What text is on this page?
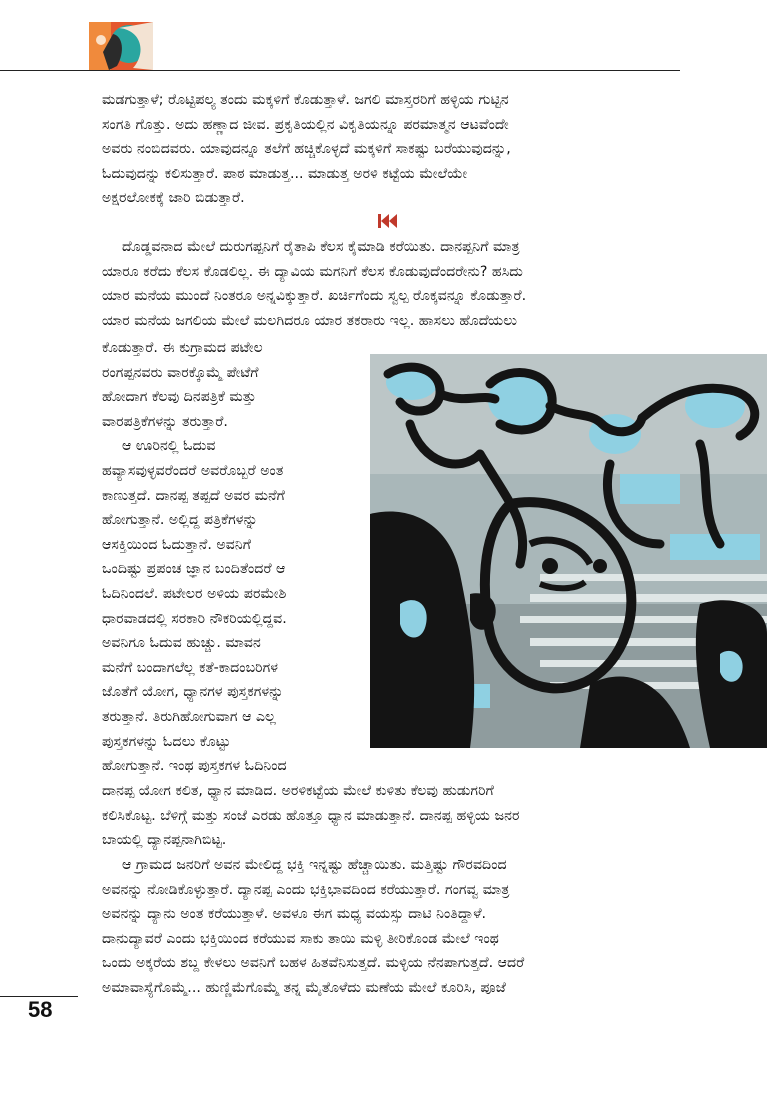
ಮಡಗುತ್ತಾಳೆ; ರೊಟ್ಟಿಪಲ್ಯ ತಂದು ಮಕ್ಕಳಿಗೆ ಕೊಡುತ್ತಾಳೆ. ಜಗಲಿ ಮಾಸ್ತರರಿಗೆ ಹಳ್ಳಿಯ ಗುಟ್ಟಿನ
ಸಂಗತಿ ಗೊತ್ತು. ಅದು ಹಣ್ಣಾದ ಜೀವ. ಪ್ರಕೃತಿಯಲ್ಲಿನ ವಿಕೃತಿಯನ್ನೂ ಪರಮಾತ್ಮನ ಆಟವೆಂದೇ
ಅವರು ನಂಬಿದವರು. ಯಾವುದನ್ನೂ ತಲೆಗೆ ಹಚ್ಚಿಕೊಳ್ಳದೆ ಮಕ್ಕಳಿಗೆ ಸಾಕಷ್ಟು ಬರೆಯುವುದನ್ನು,
ಓದುವುದನ್ನು ಕಲಿಸುತ್ತಾರೆ. ಪಾಠ ಮಾಡುತ್ತ... ಮಾಡುತ್ತ ಅರಳಿ ಕಟ್ಟೆಯ ಮೇಲೆಯೇ
ಅಕ್ಷರಲೋಕಕ್ಕೆ ಜಾರಿ ಬಿಡುತ್ತಾರೆ.
ದೊಡ್ಡವನಾದ ಮೇಲೆ ದುರುಗಪ್ಪನಿಗೆ ರೈತಾಪಿ ಕೆಲಸ ಕೈಮಾಡಿ ಕರೆಯಿತು. ದಾನಪ್ಪನಿಗೆ ಮಾತ್ರ
ಯಾರೂ ಕರೆದು ಕೆಲಸ ಕೊಡಲಿಲ್ಲ. ಈ ದ್ಯಾವಿಯ ಮಗನಿಗೆ ಕೆಲಸ ಕೊಡುವುದೆಂದರೇನು? ಹಸಿದು
ಯಾರ ಮನೆಯ ಮುಂದೆ ನಿಂತರೂ ಅನ್ನವಿಕ್ಕುತ್ತಾರೆ. ಖರ್ಚಿಗೆಂದು ಸ್ವಲ್ಪ ರೊಕ್ಕವನ್ನೂ ಕೊಡುತ್ತಾರೆ.
ಯಾರ ಮನೆಯ ಜಗಲಿಯ ಮೇಲೆ ಮಲಗಿದರೂ ಯಾರ ತಕರಾರು ಇಲ್ಲ. ಹಾಸಲು ಹೊದೆಯಲು
ಕೊಡುತ್ತಾರೆ. ಈ ಕುಗ್ರಾಮದ ಪಟೇಲ
ರಂಗಪ್ಪನವರು ವಾರಕ್ಕೊಮ್ಮೆ ಪೇಟೆಗೆ
ಹೋದಾಗ ಕೆಲವು ದಿನಪತ್ರಿಕೆ ಮತ್ತು
ವಾರಪತ್ರಿಕೆಗಳನ್ನು ತರುತ್ತಾರೆ.
ಆ ಊರಿನಲ್ಲಿ ಓದುವ
ಹವ್ಯಾಸವುಳ್ಳವರೆಂದರೆ ಅವರೊಬ್ಬರೆ ಅಂತ
ಕಾಣುತ್ತದೆ. ದಾನಪ್ಪ ತಪ್ಪದೆ ಅವರ ಮನೆಗೆ
ಹೋಗುತ್ತಾನೆ. ಅಲ್ಲಿದ್ದ ಪತ್ರಿಕೆಗಳನ್ನು
ಆಸಕ್ತಿಯಿಂದ ಓದುತ್ತಾನೆ. ಅವನಿಗೆ
ಒಂದಿಷ್ಟು ಪ್ರಪಂಚ ಜ್ಞಾನ ಬಂದಿತೆಂದರೆ ಆ
ಓದಿನಿಂದಲೆ. ಪಟೇಲರ ಅಳಿಯ ಪರಮೇಶಿ
ಧಾರವಾಡದಲ್ಲಿ ಸರಕಾರಿ ನೌಕರಿಯಲ್ಲಿದ್ದವ.
ಅವನಿಗೂ ಓದುವ ಹುಚ್ಚು. ಮಾವನ
ಮನೆಗೆ ಬಂದಾಗಲೆಲ್ಲ ಕತೆ-ಕಾದಂಬರಿಗಳ
ಜೊತೆಗೆ ಯೋಗ, ಧ್ಯಾನಗಳ ಪುಸ್ತಕಗಳನ್ನು
ತರುತ್ತಾನೆ. ತಿರುಗಿಹೋಗುವಾಗ ಆ ಎಲ್ಲ
ಪುಸ್ತಕಗಳನ್ನು ಓದಲು ಕೊಟ್ಟು
ಹೋಗುತ್ತಾನೆ. ಇಂಥ ಪುಸ್ತಕಗಳ ಓದಿನಿಂದ
ದಾನಪ್ಪ ಯೋಗ ಕಲಿತ, ಧ್ಯಾನ ಮಾಡಿದ. ಅರಳಿಕಟ್ಟೆಯ ಮೇಲೆ ಕುಳಿತು ಕೆಲವು ಹುಡುಗರಿಗೆ
ಕಲಿಸಿಕೊಟ್ಟ. ಬೆಳಿಗ್ಗೆ ಮತ್ತು ಸಂಜೆ ಎರಡು ಹೊತ್ತೂ ಧ್ಯಾನ ಮಾಡುತ್ತಾನೆ. ದಾನಪ್ಪ ಹಳ್ಳಿಯ ಜನರ
ಬಾಯಲ್ಲಿ ದ್ಯಾನಪ್ಪನಾಗಿಬಿಟ್ಟ.
ಆ ಗ್ರಾಮದ ಜನರಿಗೆ ಅವನ ಮೇಲಿದ್ದ ಭಕ್ತಿ ಇನ್ನಷ್ಟು ಹೆಚ್ಚಾಯಿತು. ಮತ್ತಿಷ್ಟು ಗೌರವದಿಂದ
ಅವನನ್ನು ನೋಡಿಕೊಳ್ಳುತ್ತಾರೆ. ದ್ಯಾನಪ್ಪ ಎಂದು ಭಕ್ತಿಭಾವದಿಂದ ಕರೆಯುತ್ತಾರೆ. ಗಂಗವ್ವ ಮಾತ್ರ
ಅವನನ್ನು ದ್ಯಾನು ಅಂತ ಕರೆಯುತ್ತಾಳೆ. ಅವಳೂ ಈಗ ಮಧ್ಯ ವಯಸ್ಸು ದಾಟಿ ನಿಂತಿದ್ದಾಳೆ.
ದಾನುದ್ಯಾವರೆ ಎಂದು ಭಕ್ತಿಯಿಂದ ಕರೆಯುವ ಸಾಕು ತಾಯಿ ಮಳ್ಳಿ ತೀರಿಕೊಂಡ ಮೇಲೆ ಇಂಥ
ಒಂದು ಅಕ್ಕರೆಯ ಶಬ್ದ ಕೇಳಲು ಅವನಿಗೆ ಬಹಳ ಹಿತವೆನಿಸುತ್ತದೆ. ಮಳ್ಳಿಯ ನೆನಪಾಗುತ್ತದೆ. ಆದರೆ
ಅಮಾವಾಸ್ಯೆಗೊಮ್ಮೆ... ಹುಣ್ಣಿಮೆಗೊಮ್ಮೆ ತನ್ನ ಮೈತೊಳೆದು ಮಣೆಯ ಮೇಲೆ ಕೂರಿಸಿ, ಪೂಜೆ
58
